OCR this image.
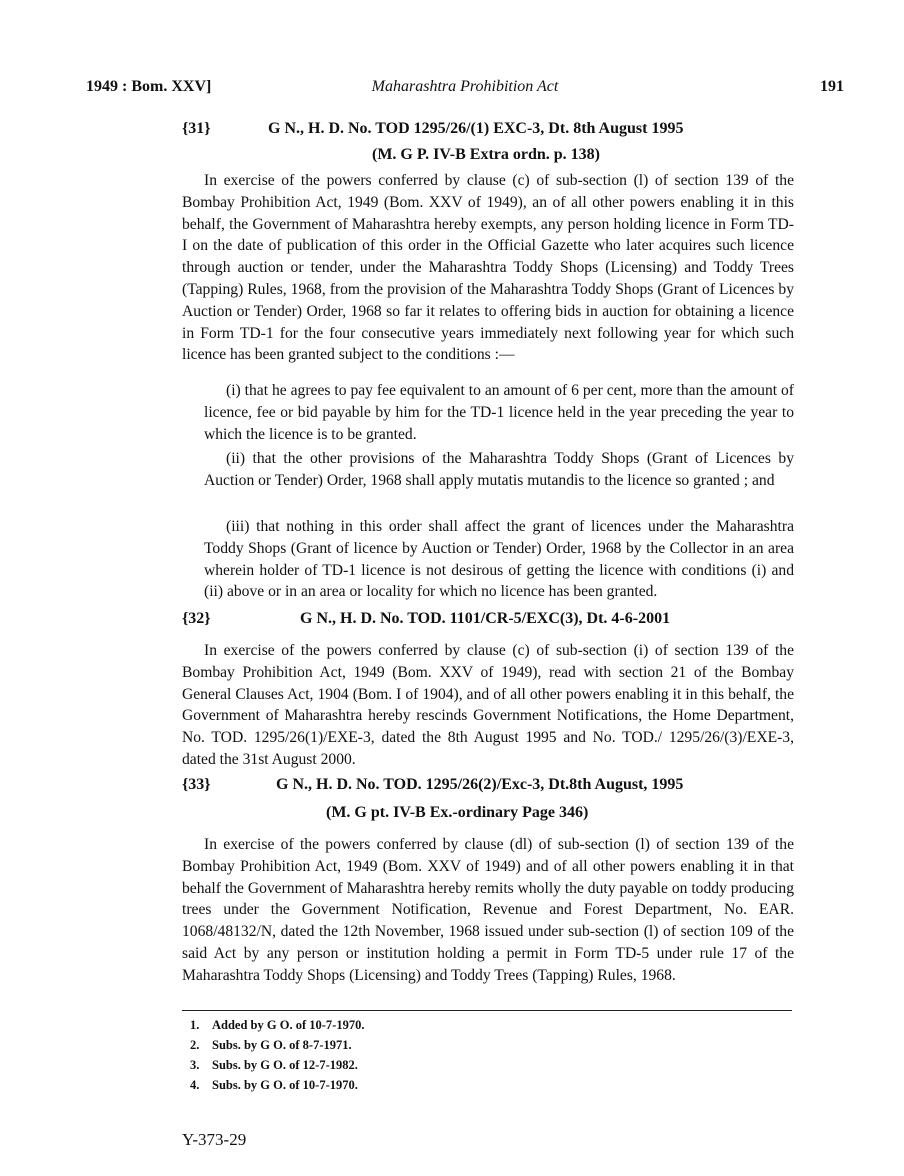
1949 : Bom. XXV]	Maharashtra Prohibition Act	191
{31}	G N., H. D. No. TOD 1295/26/(1) EXC-3, Dt. 8th August 1995
(M. G P. IV-B Extra ordn. p. 138)
In exercise of the powers conferred by clause (c) of sub-section (l) of section 139 of the Bombay Prohibition Act, 1949 (Bom. XXV of 1949), an of all other powers enabling it in this behalf, the Government of Maharashtra hereby exempts, any person holding licence in Form TD-I on the date of publication of this order in the Official Gazette who later acquires such licence through auction or tender, under the Maharashtra Toddy Shops (Licensing) and Toddy Trees (Tapping) Rules, 1968, from the provision of the Maharashtra Toddy Shops (Grant of Licences by Auction or Tender) Order, 1968 so far it relates to offering bids in auction for obtaining a licence in Form TD-1 for the four consecutive years immediately next following year for which such licence has been granted subject to the conditions :—
(i) that he agrees to pay fee equivalent to an amount of 6 per cent, more than the amount of licence, fee or bid payable by him for the TD-1 licence held in the year preceding the year to which the licence is to be granted.
(ii) that the other provisions of the Maharashtra Toddy Shops (Grant of Licences by Auction or Tender) Order, 1968 shall apply mutatis mutandis to the licence so granted ; and
(iii) that nothing in this order shall affect the grant of licences under the Maharashtra Toddy Shops (Grant of licence by Auction or Tender) Order, 1968 by the Collector in an area wherein holder of TD-1 licence is not desirous of getting the licence with conditions (i) and (ii) above or in an area or locality for which no licence has been granted.
{32}	G N., H. D. No. TOD. 1101/CR-5/EXC(3), Dt. 4-6-2001
In exercise of the powers conferred by clause (c) of sub-section (i) of section 139 of the Bombay Prohibition Act, 1949 (Bom. XXV of 1949), read with section 21 of the Bombay General Clauses Act, 1904 (Bom. I of 1904), and of all other powers enabling it in this behalf, the Government of Maharashtra hereby rescinds Government Notifications, the Home Department, No. TOD. 1295/26(1)/EXE-3, dated the 8th August 1995 and No. TOD./ 1295/26/(3)/EXE-3, dated the 31st August 2000.
{33}	G N., H. D. No. TOD. 1295/26(2)/Exc-3, Dt.8th August, 1995
(M. G pt. IV-B Ex.-ordinary Page 346)
In exercise of the powers conferred by clause (dl) of sub-section (l) of section 139 of the Bombay Prohibition Act, 1949 (Bom. XXV of 1949) and of all other powers enabling it in that behalf the Government of Maharashtra hereby remits wholly the duty payable on toddy producing trees under the Government Notification, Revenue and Forest Department, No. EAR. 1068/48132/N, dated the 12th November, 1968 issued under sub-section (l) of section 109 of the said Act by any person or institution holding a permit in Form TD-5 under rule 17 of the Maharashtra Toddy Shops (Licensing) and Toddy Trees (Tapping) Rules, 1968.
1. Added by G O. of 10-7-1970.
2. Subs. by G O. of 8-7-1971.
3. Subs. by G O. of 12-7-1982.
4. Subs. by G O. of 10-7-1970.
Y-373-29
